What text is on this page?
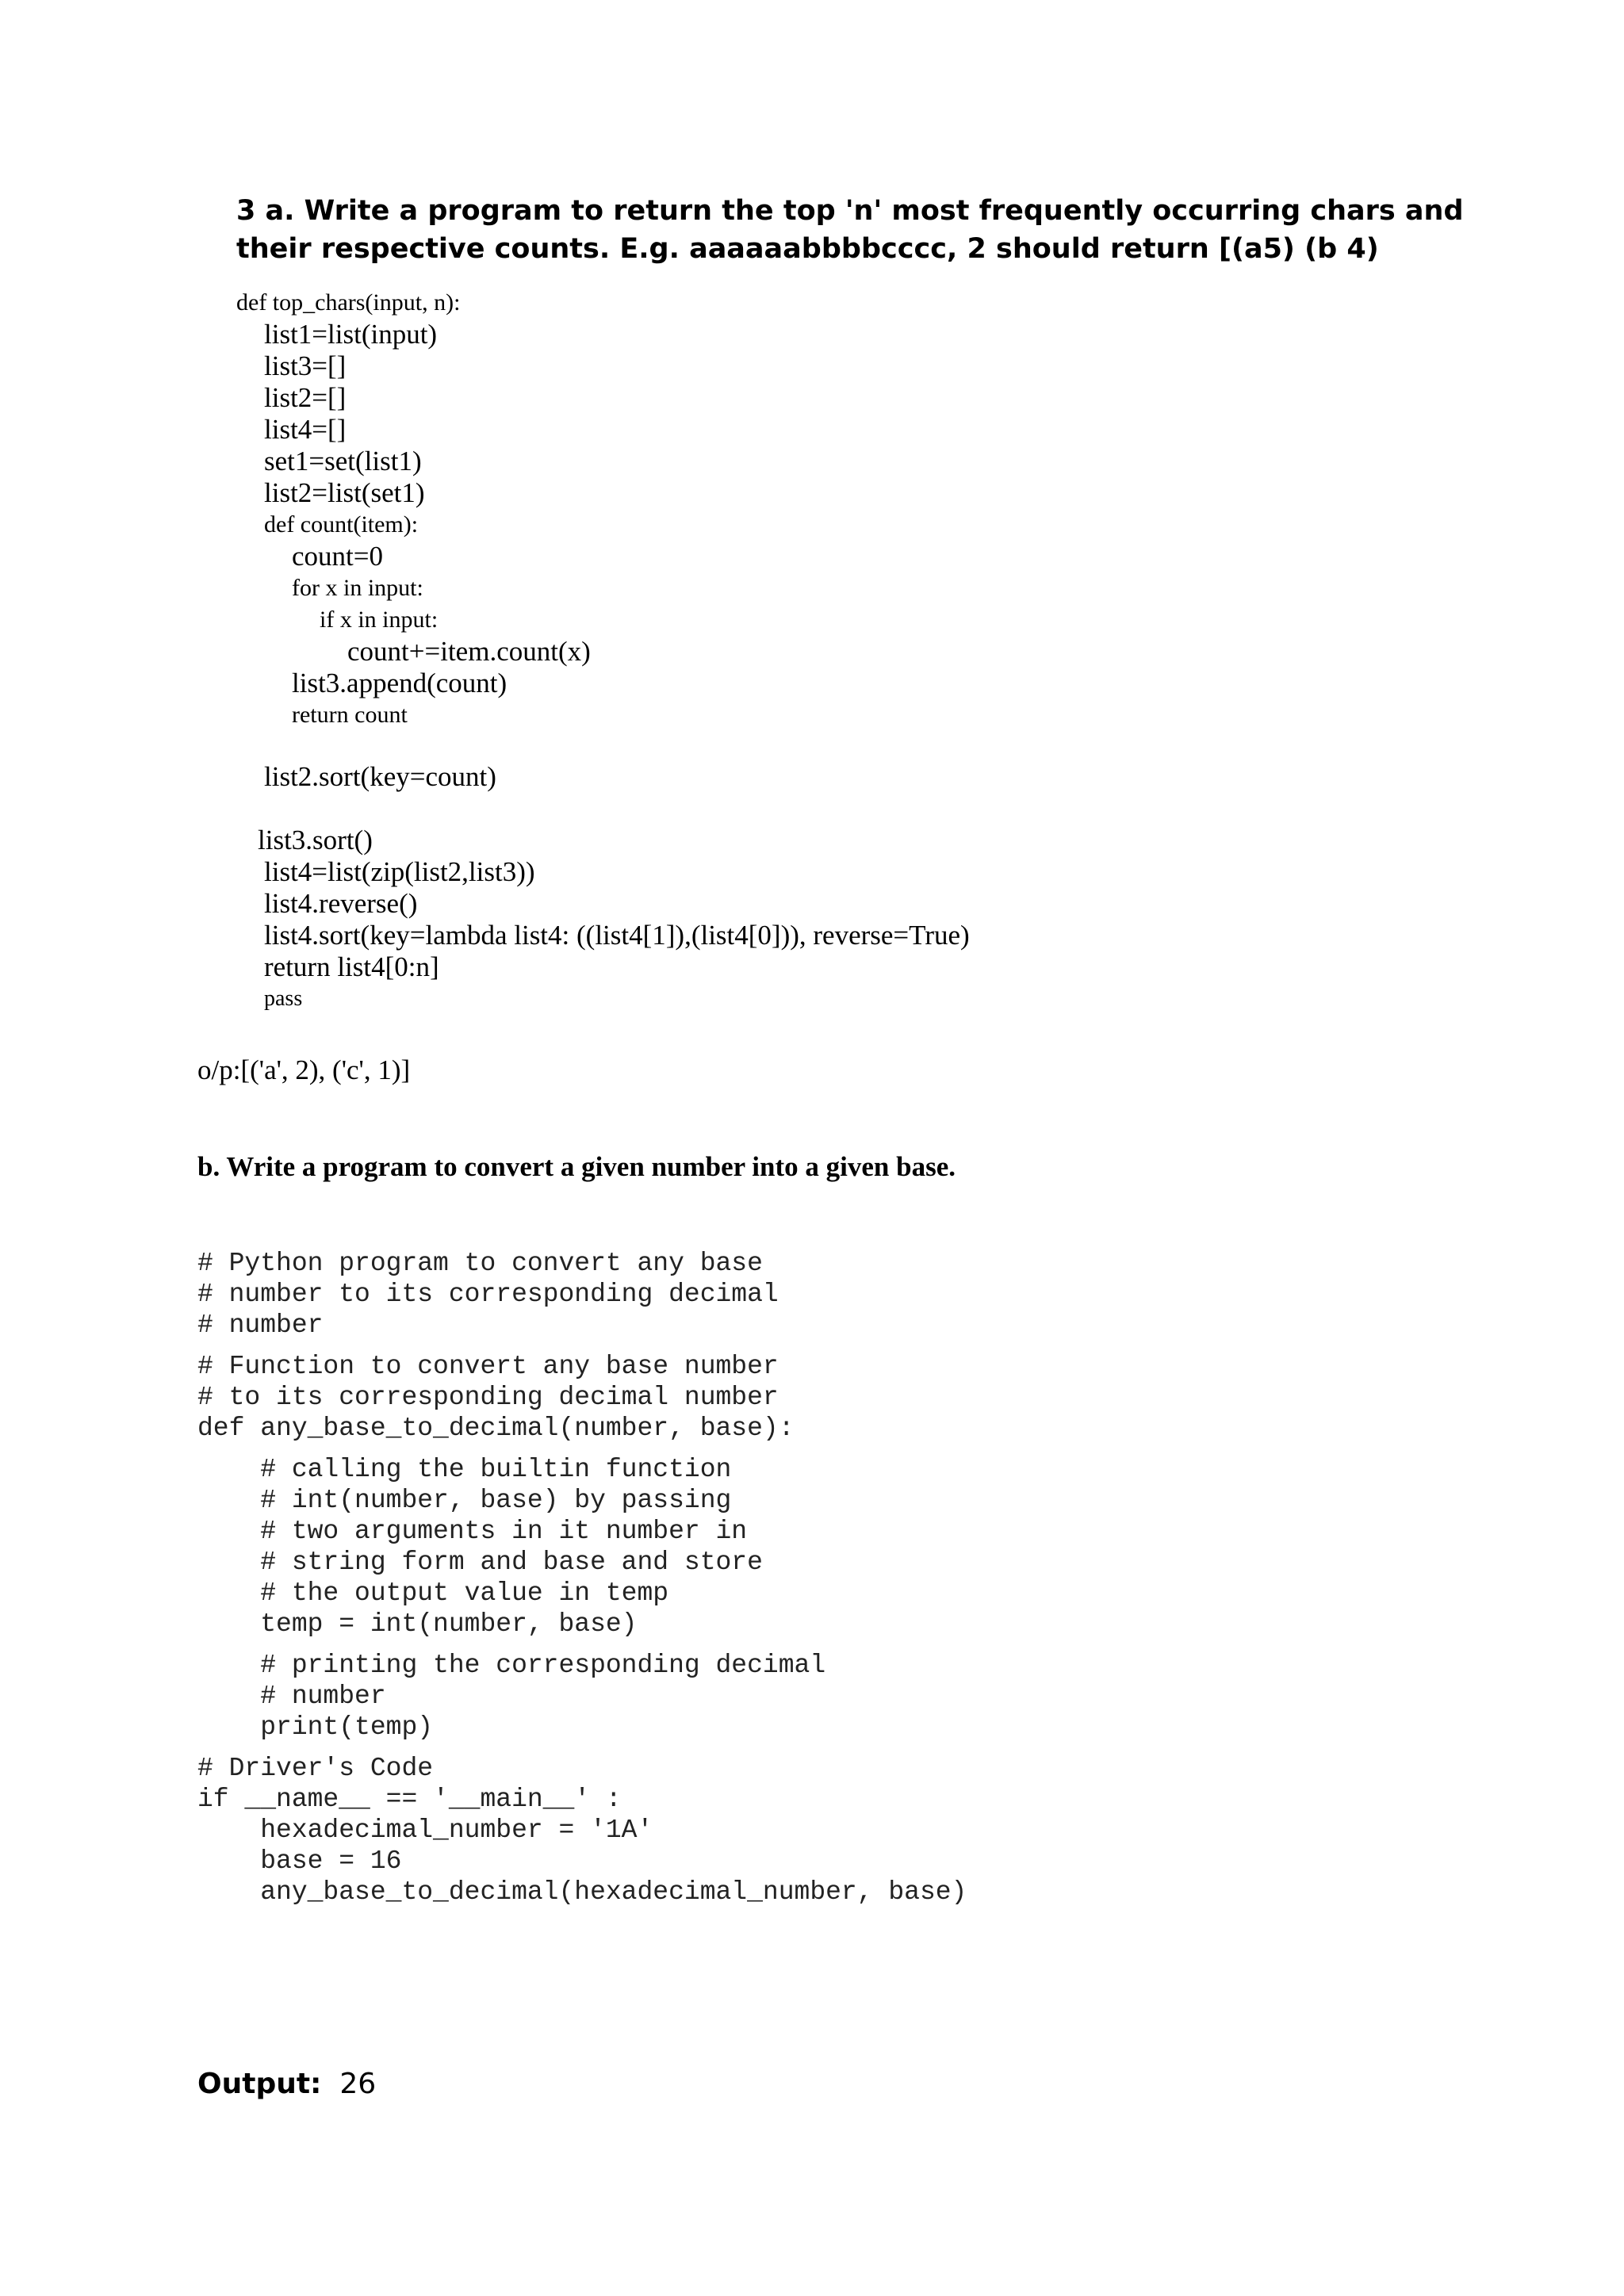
3 a. Write a program to return the top 'n' most frequently occurring chars and their respective counts. E.g. aaaaaabbbbcccc, 2 should return [(a5) (b 4)

def top_chars(input, n):
list1=list(input)
list3=[]
list2=[]
list4=[]
set1=set(list1)
list2=list(set1)
def count(item):
count=0
for x in input:
if x in input:
count+=item.count(x)
list3.append(count)
return count
list2.sort(key=count)
list3.sort()
list4=list(zip(list2,list3))
list4.reverse()
list4.sort(key=lambda list4: ((list4[1]),(list4[0])), reverse=True)
return list4[0:n]
pass

o/p:[('a', 2), ('c', 1)]

b. Write a program to convert a given number into a given base.

# Python program to convert any base
# number to its corresponding decimal
# number
# Function to convert any base number
# to its corresponding decimal number
def any_base_to_decimal(number, base):
# calling the builtin function
# int(number, base) by passing
# two arguments in it number in
# string form and base and store
# the output value in temp
temp = int(number, base)
# printing the corresponding decimal
# number
print(temp)
# Driver's Code
if __name__ == '__main__' :
hexadecimal_number = '1A'
base = 16
any_base_to_decimal(hexadecimal_number, base)

Output: 26
